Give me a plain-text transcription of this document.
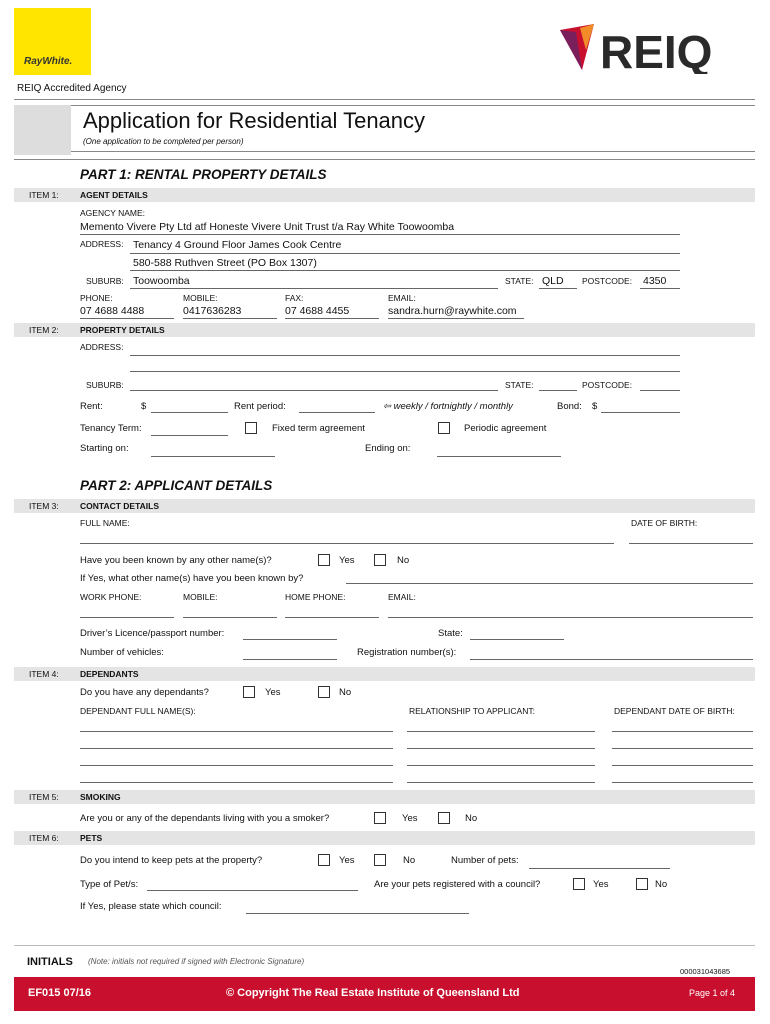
RayWhite.	REIQ
REIQ Accredited Agency
Application for Residential Tenancy
(One application to be completed per person)
PART 1: RENTAL PROPERTY DETAILS
ITEM 1: AGENT DETAILS
AGENCY NAME:
Memento Vivere Pty Ltd atf Honeste Vivere Unit Trust t/a Ray White Toowoomba
ADDRESS: Tenancy 4 Ground Floor James Cook Centre
580-588 Ruthven Street (PO Box 1307)
SUBURB: Toowoomba	STATE: QLD POSTCODE: 4350
PHONE:	MOBILE:	FAX:	EMAIL:
07 4688 4488	0417636283	07 4688 4455	sandra.hurn@raywhite.com
ITEM 2: PROPERTY DETAILS
ADDRESS:
SUBURB:	STATE:	POSTCODE:
Rent:	$	Rent period:	⇦ weekly / fortnightly / monthly	Bond: $
Tenancy Term:	Fixed term agreement	Periodic agreement
Starting on:	Ending on:
PART 2: APPLICANT DETAILS
ITEM 3: CONTACT DETAILS
FULL NAME:	DATE OF BIRTH:
Have you been known by any other name(s)?	Yes	No
If Yes, what other name(s) have you been known by?
WORK PHONE:	MOBILE:	HOME PHONE:	EMAIL:
Driver’s Licence/passport number:	State:
Number of vehicles:	Registration number(s):
ITEM 4: DEPENDANTS
Do you have any dependants?	Yes	No
DEPENDANT FULL NAME(S):	RELATIONSHIP TO APPLICANT:	DEPENDANT DATE OF BIRTH:
ITEM 5: SMOKING
Are you or any of the dependants living with you a smoker?	Yes	No
ITEM 6: PETS
Do you intend to keep pets at the property?	Yes	No	Number of pets:
Type of Pet/s:	Are your pets registered with a council?	Yes	No
If Yes, please state which council:
INITIALS (Note: initials not required if signed with Electronic Signature)
000031043685
EF015 07/16	© Copyright The Real Estate Institute of Queensland Ltd	Page 1 of 4
